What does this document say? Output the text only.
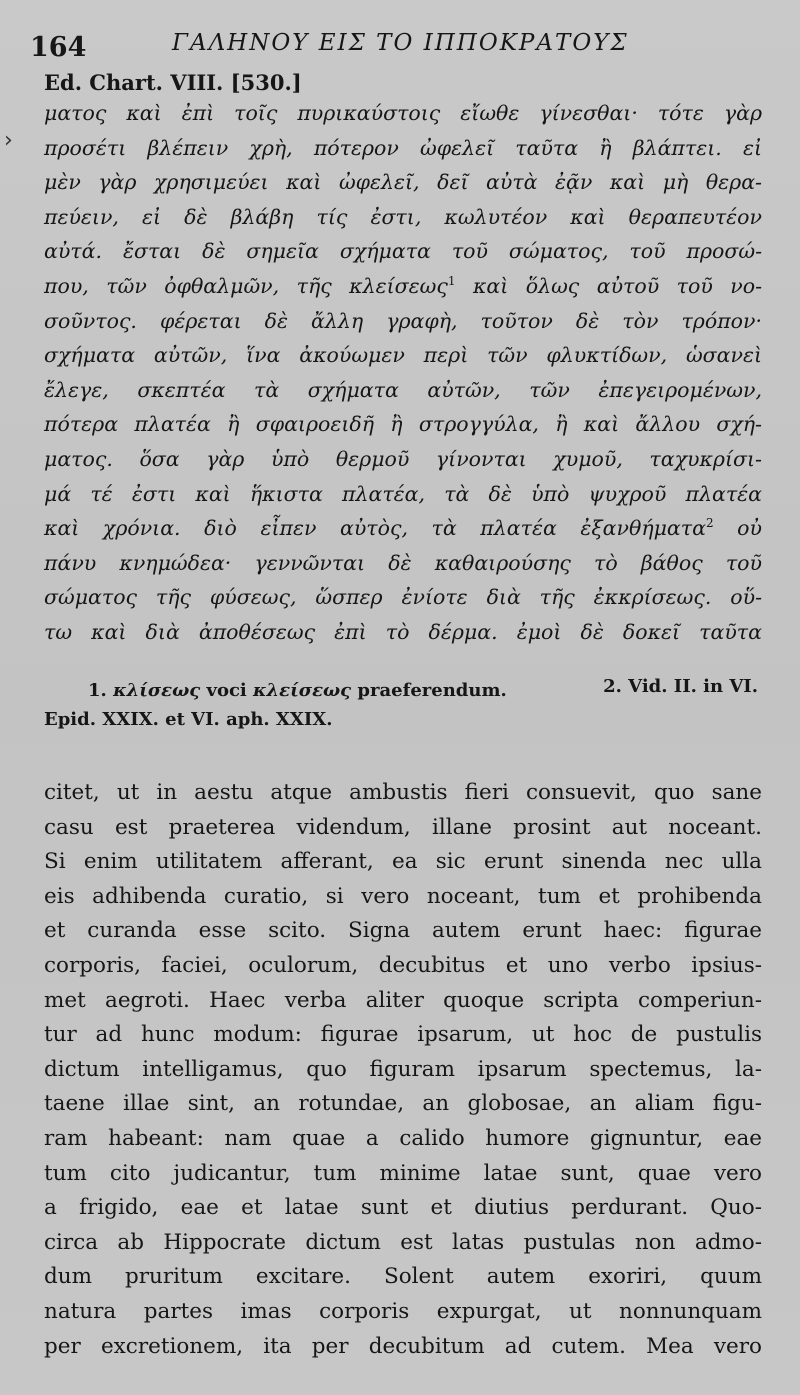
164	ΓΑΛΗΝΟΥ ΕΙΣ ΤΟ ΙΠΠΟΚΡΑΤΟΥΣ
›
Ed. Chart. VIII. [530.]
ματος καὶ ἐπὶ τοῖς πυρικαύστοις εἴωθε γίνεσθαι· τότε γὰρ
προσέτι βλέπειν χρὴ, πότερον ὠφελεῖ ταῦτα ἢ βλάπτει. εἰ
μὲν γὰρ χρησιμεύει καὶ ὠφελεῖ, δεῖ αὐτὰ ἐᾷν καὶ μὴ θερα-
πεύειν, εἰ δὲ βλάβη τίς ἐστι, κωλυτέον καὶ θεραπευτέον
αὐτά. ἔσται δὲ σημεῖα σχήματα τοῦ σώματος, τοῦ προσώ-
που, τῶν ὀφθαλμῶν, τῆς κλείσεως$^1$ καὶ ὅλως αὐτοῦ τοῦ νο-
σοῦντος. φέρεται δὲ ἄλλη γραφὴ, τοῦτον δὲ τὸν τρόπον·
σχήματα αὐτῶν, ἵνα ἀκούωμεν περὶ τῶν φλυκτίδων, ὡσανεὶ
ἔλεγε, σκεπτέα τὰ σχήματα αὐτῶν, τῶν ἐπεγειρομένων,
πότερα πλατέα ἢ σφαιροειδῆ ἢ στρογγύλα, ἢ καὶ ἄλλου σχή-
ματος. ὅσα γὰρ ὑπὸ θερμοῦ γίνονται χυμοῦ, ταχυκρίσι-
μά τέ ἐστι καὶ ἥκιστα πλατέα, τὰ δὲ ὑπὸ ψυχροῦ πλατέα
καὶ χρόνια. διὸ εἶπεν αὐτὸς, τὰ πλατέα ἐξανθήματα$^2$ οὐ
πάνυ κνημώδεα· γεννῶνται δὲ καθαιρούσης τὸ βάθος τοῦ
σώματος τῆς φύσεως, ὥσπερ ἐνίοτε διὰ τῆς ἐκκρίσεως. οὕ-
τω καὶ διὰ ἀποθέσεως ἐπὶ τὸ δέρμα. ἐμοὶ δὲ δοκεῖ ταῦτα
1. κλίσεως voci κλείσεως praeferendum.	2. Vid. II. in VI.
Epid. XXIX. et VI. aph. XXIX.
citet, ut in aestu atque ambustis fieri consuevit, quo sane
casu est praeterea videndum, illane prosint aut noceant.
Si enim utilitatem afferant, ea sic erunt sinenda nec ulla
eis adhibenda curatio, si vero noceant, tum et prohibenda
et curanda esse scito. Signa autem erunt haec: figurae
corporis, faciei, oculorum, decubitus et uno verbo ipsius-
met aegroti. Haec verba aliter quoque scripta comperiun-
tur ad hunc modum: figurae ipsarum, ut hoc de pustulis
dictum intelligamus, quo figuram ipsarum spectemus, la-
taene illae sint, an rotundae, an globosae, an aliam figu-
ram habeant: nam quae a calido humore gignuntur, eae
tum cito judicantur, tum minime latae sunt, quae vero
a frigido, eae et latae sunt et diutius perdurant. Quo-
circa ab Hippocrate dictum est latas pustulas non admo-
dum pruritum excitare. Solent autem exoriri, quum
natura partes imas corporis expurgat, ut nonnunquam
per excretionem, ita per decubitum ad cutem. Mea vero
